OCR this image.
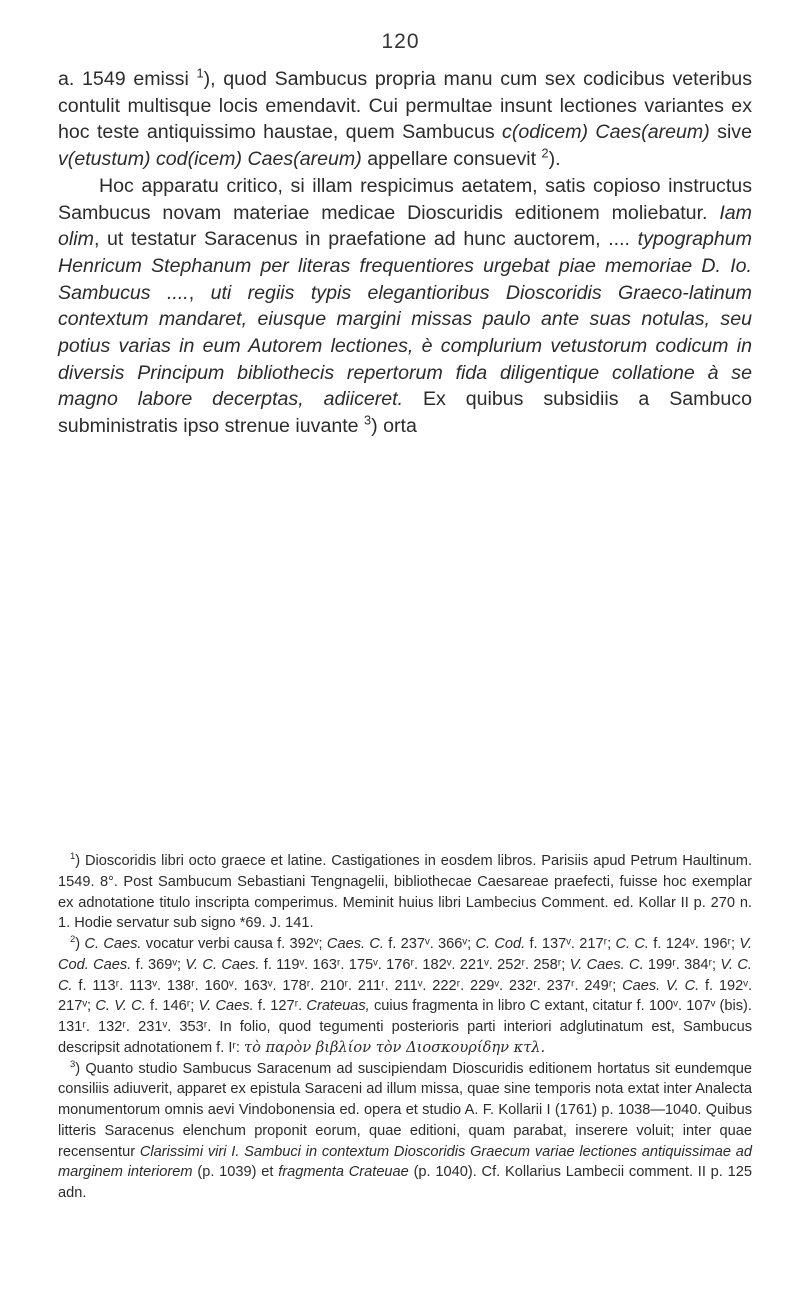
120

a. 1549 emissi $^1$), quod Sambucus propria manu cum sex codicibus veteribus contulit multisque locis emendavit. Cui permultae insunt lectiones variantes ex hoc teste antiquissimo haustae, quem Sambucus c(odicem) Caes(areum) sive v(etustum) cod(icem) Caes(areum) appellare consuevit $^2$).

Hoc apparatu critico, si illam respicimus aetatem, satis copioso instructus Sambucus novam materiae medicae Dioscuridis editionem moliebatur. Iam olim, ut testatur Saracenus in praefatione ad hunc auctorem, .... typographum Henricum Stephanum per literas frequentiores urgebat piae memoriae D. Io. Sambucus ...., uti regiis typis elegantioribus Dioscoridis Graeco-latinum contextum mandaret, eiusque margini missas paulo ante suas notulas, seu potius varias in eum Autorem lectiones, è complurium vetustorum codicum in diversis Principum bibliothecis repertorum fida diligentique collatione à se magno labore decerptas, adiiceret. Ex quibus subsidiis a Sambuco subministratis ipso strenue iuvante $^3$) orta

$^1$) Dioscoridis libri octo graece et latine. Castigationes in eosdem libros. Parisiis apud Petrum Haultinum. 1549. 8°. Post Sambucum Sebastiani Tengnagelii, bibliothecae Caesareae praefecti, fuisse hoc exemplar ex adnotatione titulo inscripta comperimus. Meminit huius libri Lambecius Comment. ed. Kollar II p. 270 n. 1. Hodie servatur sub signo *69. J. 141.

$^2$) C. Caes. vocatur verbi causa f. 392ᵛ; Caes. C. f. 237ᵛ. 366ᵛ; C. Cod. f. 137ᵛ. 217ʳ; C. C. f. 124ᵛ. 196ʳ; V. Cod. Caes. f. 369ᵛ; V. C. Caes. f. 119ᵛ. 163ʳ. 175ᵛ. 176ʳ. 182ᵛ. 221ᵛ. 252ʳ. 258ʳ; V. Caes. C. 199ʳ. 384ʳ; V. C. C. f. 113ʳ. 113ᵛ. 138ʳ. 160ᵛ. 163ᵛ. 178ʳ. 210ʳ. 211ʳ. 211ᵛ. 222ʳ. 229ᵛ. 232ʳ. 237ʳ. 249ʳ; Caes. V. C. f. 192ᵛ. 217ᵛ; C. V. C. f. 146ʳ; V. Caes. f. 127ʳ. Crateuas, cuius fragmenta in libro C extant, citatur f. 100ᵛ. 107ᵛ (bis). 131ʳ. 132ʳ. 231ᵛ. 353ʳ. In folio, quod tegumenti posterioris parti interiori adglutinatum est, Sambucus descripsit adnotationem f. Iʳ: τὸ παρὸν βιβλίον τὸν Διοσκουρίδην κτλ.

$^3$) Quanto studio Sambucus Saracenum ad suscipiendam Dioscuridis editionem hortatus sit eundemque consiliis adiuverit, apparet ex epistula Saraceni ad illum missa, quae sine temporis nota extat inter Analecta monumentorum omnis aevi Vindobonensia ed. opera et studio A. F. Kollarii I (1761) p. 1038—1040. Quibus litteris Saracenus elenchum proponit eorum, quae editioni, quam parabat, inserere voluit; inter quae recensentur Clarissimi viri I. Sambuci in contextum Dioscoridis Graecum variae lectiones antiquissimae ad marginem interiorem (p. 1039) et fragmenta Crateuae (p. 1040). Cf. Kollarius Lambecii comment. II p. 125 adn.
